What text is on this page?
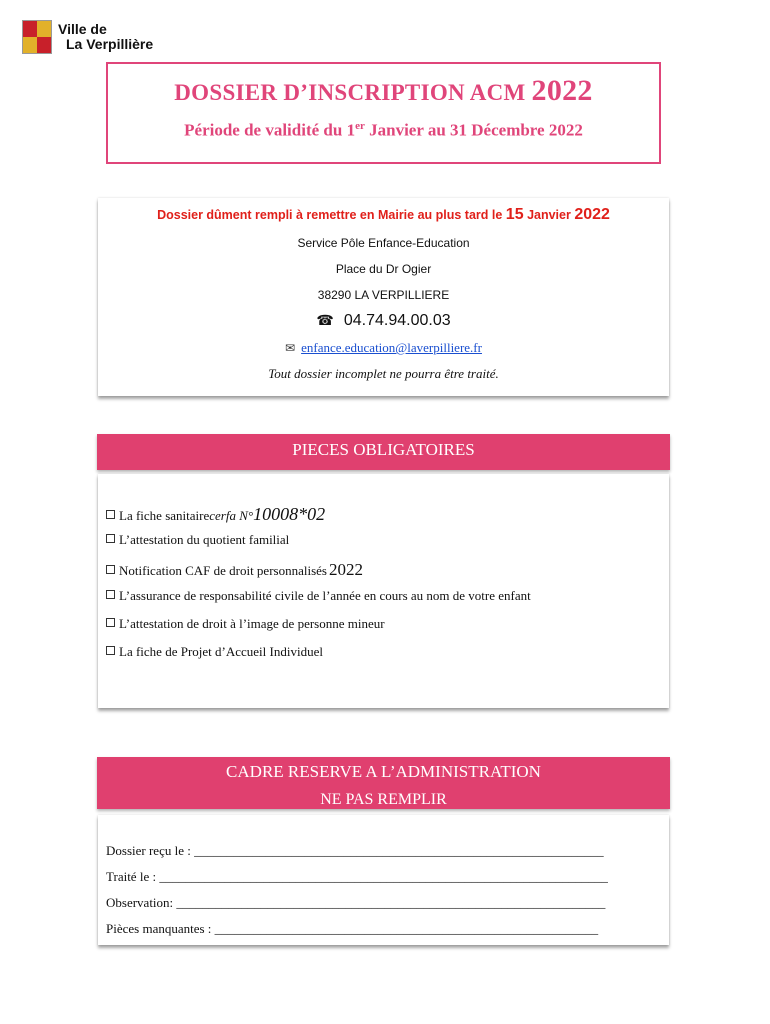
Ville de
La Verpillière
DOSSIER D’INSCRIPTION ACM 2022
Période de validité du 1er Janvier au 31 Décembre 2022
Dossier dûment rempli à remettre en Mairie au plus tard le 15 Janvier 2022
Service Pôle Enfance-Education
Place du Dr Ogier
38290 LA VERPILLIERE
☎ 04.74.94.00.03
✉ enfance.education@laverpilliere.fr
Tout dossier incomplet ne pourra être traité.
PIECES OBLIGATOIRES
La fiche sanitaire cerfa N° 10008*02
L’attestation du quotient familial
Notification CAF de droit personnalisés 2022
L’assurance de responsabilité civile de l’année en cours au nom de votre enfant
L’attestation de droit à l’image de personne mineur
La fiche de Projet d’Accueil Individuel
CADRE RESERVE A L’ADMINISTRATION
NE PAS REMPLIR
Dossier reçu le : _______________________________________________________________
Traité le : _____________________________________________________________________
Observation: __________________________________________________________________
Pièces manquantes : ___________________________________________________________
